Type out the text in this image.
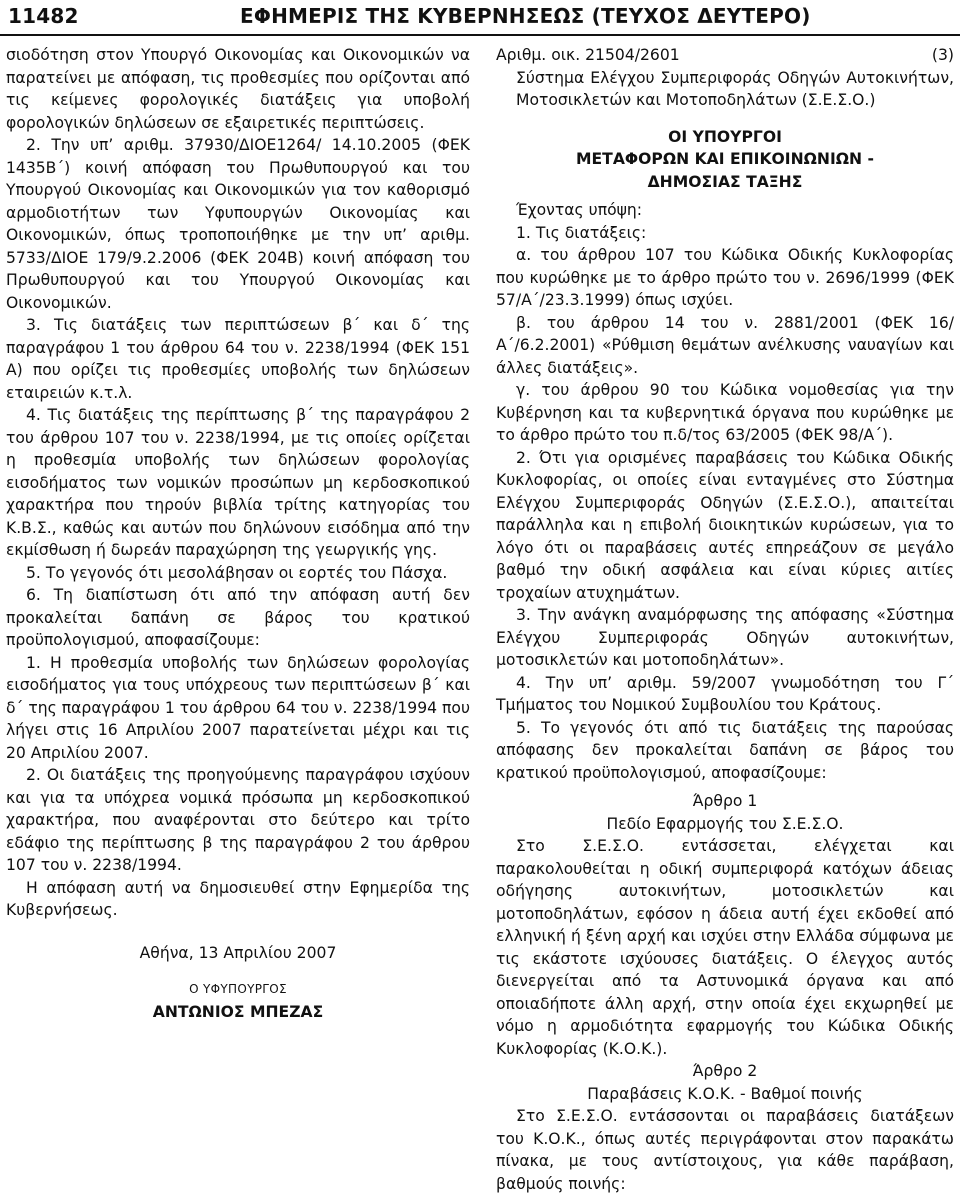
11482	ΕΦΗΜΕΡΙΣ ΤΗΣ ΚΥΒΕΡΝΗΣΕΩΣ (ΤΕΥΧΟΣ ΔΕΥΤΕΡΟ)

σιοδότηση στον Υπουργό Οικονομίας και Οικονομικών να παρατείνει με απόφαση, τις προθεσμίες που ορίζονται από τις κείμενες φορολογικές διατάξεις για υποβολή φορολογικών δηλώσεων σε εξαιρετικές περιπτώσεις.

2. Την υπ’ αριθμ. 37930/ΔΙΟΕ1264/ 14.10.2005 (ΦΕΚ 1435Β΄) κοινή απόφαση του Πρωθυπουργού και του Υπουργού Οικονομίας και Οικονομικών για τον καθορισμό αρμοδιοτήτων των Υφυπουργών Οικονομίας και Οικονομικών, όπως τροποποιήθηκε με την υπ’ αριθμ. 5733/ΔΙΟΕ 179/9.2.2006 (ΦΕΚ 204Β) κοινή απόφαση του Πρωθυπουργού και του Υπουργού Οικονομίας και Οικονομικών.

3. Τις διατάξεις των περιπτώσεων β΄ και δ΄ της παραγράφου 1 του άρθρου 64 του ν. 2238/1994 (ΦΕΚ 151 Α) που ορίζει τις προθεσμίες υποβολής των δηλώσεων εταιρειών κ.τ.λ.

4. Τις διατάξεις της περίπτωσης β΄ της παραγράφου 2 του άρθρου 107 του ν. 2238/1994, με τις οποίες ορίζεται η προθεσμία υποβολής των δηλώσεων φορολογίας εισοδήματος των νομικών προσώπων μη κερδοσκοπικού χαρακτήρα που τηρούν βιβλία τρίτης κατηγορίας του Κ.Β.Σ., καθώς και αυτών που δηλώνουν εισόδημα από την εκμίσθωση ή δωρεάν παραχώρηση της γεωργικής γης.

5. Το γεγονός ότι μεσολάβησαν οι εορτές του Πάσχα.

6. Τη διαπίστωση ότι από την απόφαση αυτή δεν προκαλείται δαπάνη σε βάρος του κρατικού προϋπολογισμού, αποφασίζουμε:

1. Η προθεσμία υποβολής των δηλώσεων φορολογίας εισοδήματος για τους υπόχρεους των περιπτώσεων β΄ και δ΄ της παραγράφου 1 του άρθρου 64 του ν. 2238/1994 που λήγει στις 16 Απριλίου 2007 παρατείνεται μέχρι και τις 20 Απριλίου 2007.

2. Οι διατάξεις της προηγούμενης παραγράφου ισχύουν και για τα υπόχρεα νομικά πρόσωπα μη κερδοσκοπικού χαρακτήρα, που αναφέρονται στο δεύτερο και τρίτο εδάφιο της περίπτωσης β της παραγράφου 2 του άρθρου 107 του ν. 2238/1994.

Η απόφαση αυτή να δημοσιευθεί στην Εφημερίδα της Κυβερνήσεως.

Αθήνα, 13 Απριλίου 2007

Ο ΥΦΥΠΟΥΡΓΟΣ

ΑΝΤΩΝΙΟΣ ΜΠΕΖΑΣ

Αριθμ. οικ. 21504/2601	(3)

Σύστημα Ελέγχου Συμπεριφοράς Οδηγών Αυτοκινήτων, Μοτοσικλετών και Μοτοποδηλάτων (Σ.Ε.Σ.Ο.)

ΟΙ ΥΠΟΥΡΓΟΙ

ΜΕΤΑΦΟΡΩΝ ΚΑΙ ΕΠΙΚΟΙΝΩΝΙΩΝ -

ΔΗΜΟΣΙΑΣ ΤΑΞΗΣ

Έχοντας υπόψη:

1. Τις διατάξεις:

α. του άρθρου 107 του Κώδικα Οδικής Κυκλοφορίας που κυρώθηκε με το άρθρο πρώτο του ν. 2696/1999 (ΦΕΚ 57/Α΄/23.3.1999) όπως ισχύει.

β. του άρθρου 14 του ν. 2881/2001 (ΦΕΚ 16/Α΄/6.2.2001) «Ρύθμιση θεμάτων ανέλκυσης ναυαγίων και άλλες διατάξεις».

γ. του άρθρου 90 του Κώδικα νομοθεσίας για την Κυβέρνηση και τα κυβερνητικά όργανα που κυρώθηκε με το άρθρο πρώτο του π.δ/τος 63/2005 (ΦΕΚ 98/Α΄).

2. Ότι για ορισμένες παραβάσεις του Κώδικα Οδικής Κυκλοφορίας, οι οποίες είναι ενταγμένες στο Σύστημα Ελέγχου Συμπεριφοράς Οδηγών (Σ.Ε.Σ.Ο.), απαιτείται παράλληλα και η επιβολή διοικητικών κυρώσεων, για το λόγο ότι οι παραβάσεις αυτές επηρεάζουν σε μεγάλο βαθμό την οδική ασφάλεια και είναι κύριες αιτίες τροχαίων ατυχημάτων.

3. Την ανάγκη αναμόρφωσης της απόφασης «Σύστημα Ελέγχου Συμπεριφοράς Οδηγών αυτοκινήτων, μοτοσικλετών και μοτοποδηλάτων».

4. Την υπ’ αριθμ. 59/2007 γνωμοδότηση του Γ΄ Τμήματος του Νομικού Συμβουλίου του Κράτους.

5. Το γεγονός ότι από τις διατάξεις της παρούσας απόφασης δεν προκαλείται δαπάνη σε βάρος του κρατικού προϋπολογισμού, αποφασίζουμε:

Άρθρο 1

Πεδίο Εφαρμογής του Σ.Ε.Σ.Ο.

Στο Σ.Ε.Σ.Ο. εντάσσεται, ελέγχεται και παρακολουθείται η οδική συμπεριφορά κατόχων άδειας οδήγησης αυτοκινήτων, μοτοσικλετών και μοτοποδηλάτων, εφόσον η άδεια αυτή έχει εκδοθεί από ελληνική ή ξένη αρχή και ισχύει στην Ελλάδα σύμφωνα με τις εκάστοτε ισχύουσες διατάξεις. Ο έλεγχος αυτός διενεργείται από τα Αστυνομικά όργανα και από οποιαδήποτε άλλη αρχή, στην οποία έχει εκχωρηθεί με νόμο η αρμοδιότητα εφαρμογής του Κώδικα Οδικής Κυκλοφορίας (Κ.Ο.Κ.).

Άρθρο 2

Παραβάσεις Κ.Ο.Κ. - Βαθμοί ποινής

Στο Σ.Ε.Σ.Ο. εντάσσονται οι παραβάσεις διατάξεων του Κ.Ο.Κ., όπως αυτές περιγράφονται στον παρακάτω πίνακα, με τους αντίστοιχους, για κάθε παράβαση, βαθμούς ποινής:
